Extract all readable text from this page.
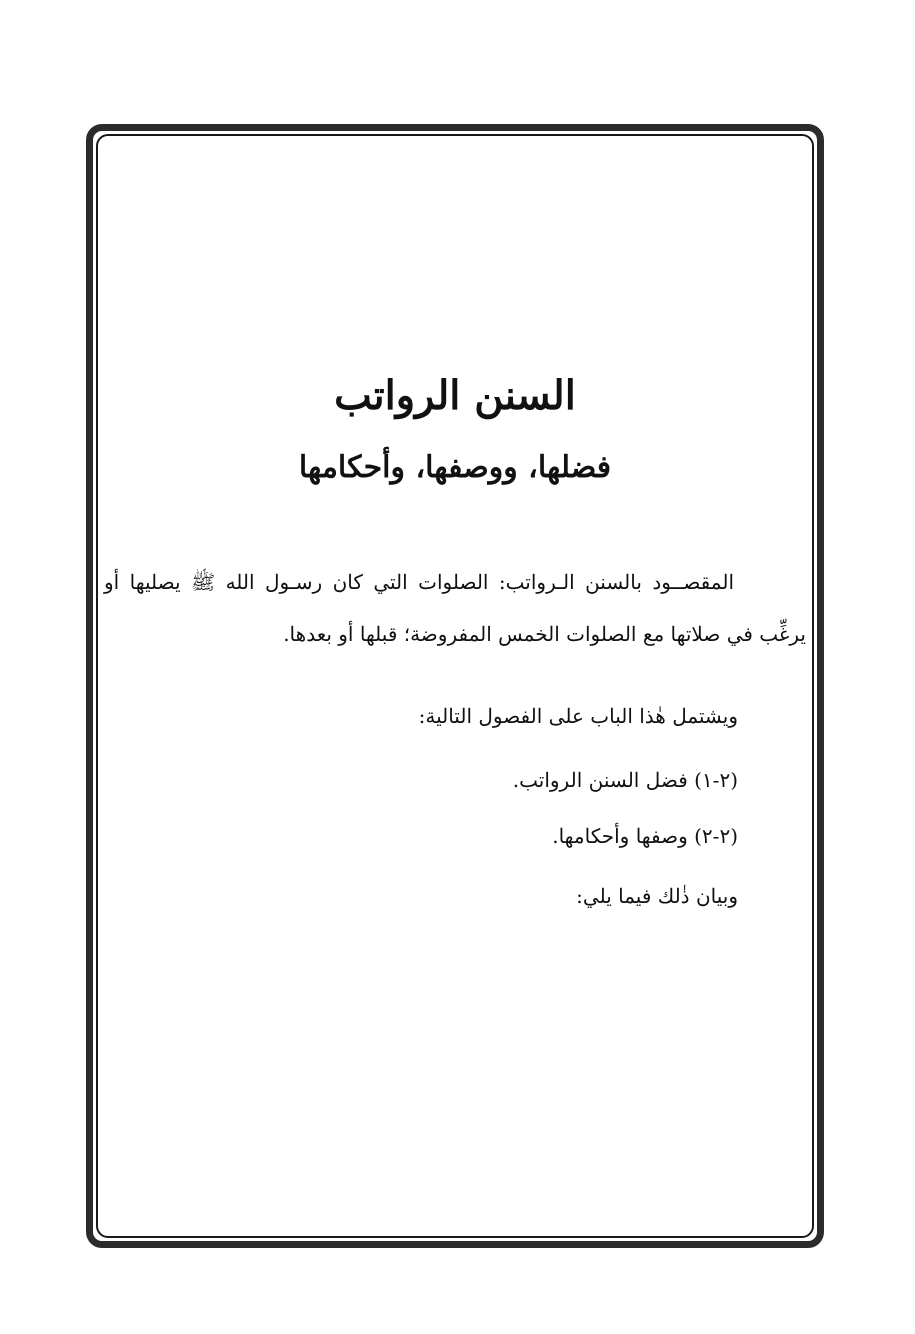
السنن الرواتب
فضلها، ووصفها، وأحكامها

المقصــود بالسنن الـرواتب: الصلوات التي كان رسـول الله ﷺ يصليها أو يرغِّب في صلاتها مع الصلوات الخمس المفروضة؛ قبلها أو بعدها.

ويشتمل هٰذا الباب على الفصول التالية:

(٢-١) فضل السنن الرواتب.

(٢-٢) وصفها وأحكامها.

وبيان ذٰلك فيما يلي:
